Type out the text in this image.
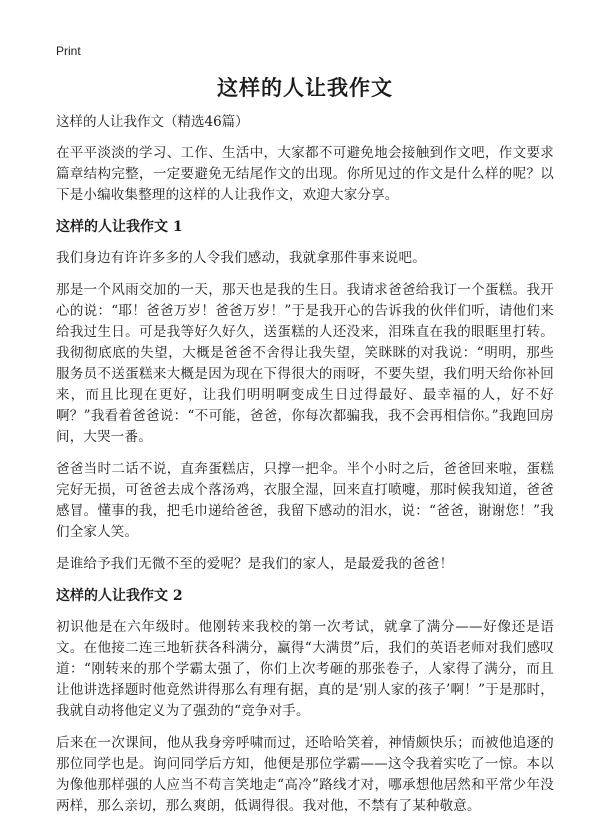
Print
这样的人让我作文
这样的人让我作文（精选46篇）

在平平淡淡的学习、工作、生活中，大家都不可避免地会接触到作文吧，作文要求篇章结构完整，一定要避免无结尾作文的出现。你所见过的作文是什么样的呢？以下是小编收集整理的这样的人让我作文，欢迎大家分享。

这样的人让我作文 1

我们身边有许许多多的人令我们感动，我就拿那件事来说吧。

那是一个风雨交加的一天，那天也是我的生日。我请求爸爸给我订一个蛋糕。我开心的说：“耶！爸爸万岁！爸爸万岁！”于是我开心的告诉我的伙伴们听，请他们来给我过生日。可是我等好久好久，送蛋糕的人还没来，泪珠直在我的眼眶里打转。我彻彻底底的失望，大概是爸爸不舍得让我失望，笑眯眯的对我说：“明明，那些服务员不送蛋糕来大概是因为现在下得很大的雨呀，不要失望，我们明天给你补回来，而且比现在更好，让我们明明啊变成生日过得最好、最幸福的人，好不好啊？”我看着爸爸说：“不可能，爸爸，你每次都骗我，我不会再相信你。”我跑回房间，大哭一番。

爸爸当时二话不说，直奔蛋糕店，只撑一把伞。半个小时之后，爸爸回来啦，蛋糕完好无损，可爸爸去成个落汤鸡，衣服全湿，回来直打喷嚏，那时候我知道，爸爸感冒。懂事的我，把毛巾递给爸爸，我留下感动的泪水，说：“爸爸，谢谢您！”我们全家人笑。

是谁给予我们无微不至的爱呢？是我们的家人，是最爱我的爸爸！

这样的人让我作文 2

初识他是在六年级时。他刚转来我校的第一次考试，就拿了满分——好像还是语文。在他接二连三地斩获各科满分，赢得“大满贯”后，我们的英语老师对我们感叹道：“刚转来的那个学霸太强了，你们上次考砸的那张卷子，人家得了满分，而且让他讲选择题时他竟然讲得那么有理有据，真的是‘别人家的孩子’啊！”于是那时，我就自动将他定义为了强劲的“竞争对手。

后来在一次课间，他从我身旁呼啸而过，还哈哈笑着，神情颇快乐；而被他追逐的那位同学也是。询问同学后方知，他便是那位学霸——这令我着实吃了一惊。本以为像他那样强的人应当不苟言笑地走“高冷”路线才对，哪承想他居然和平常少年没两样，那么亲切，那么爽朗，低调得很。我对他，不禁有了某种敬意。
